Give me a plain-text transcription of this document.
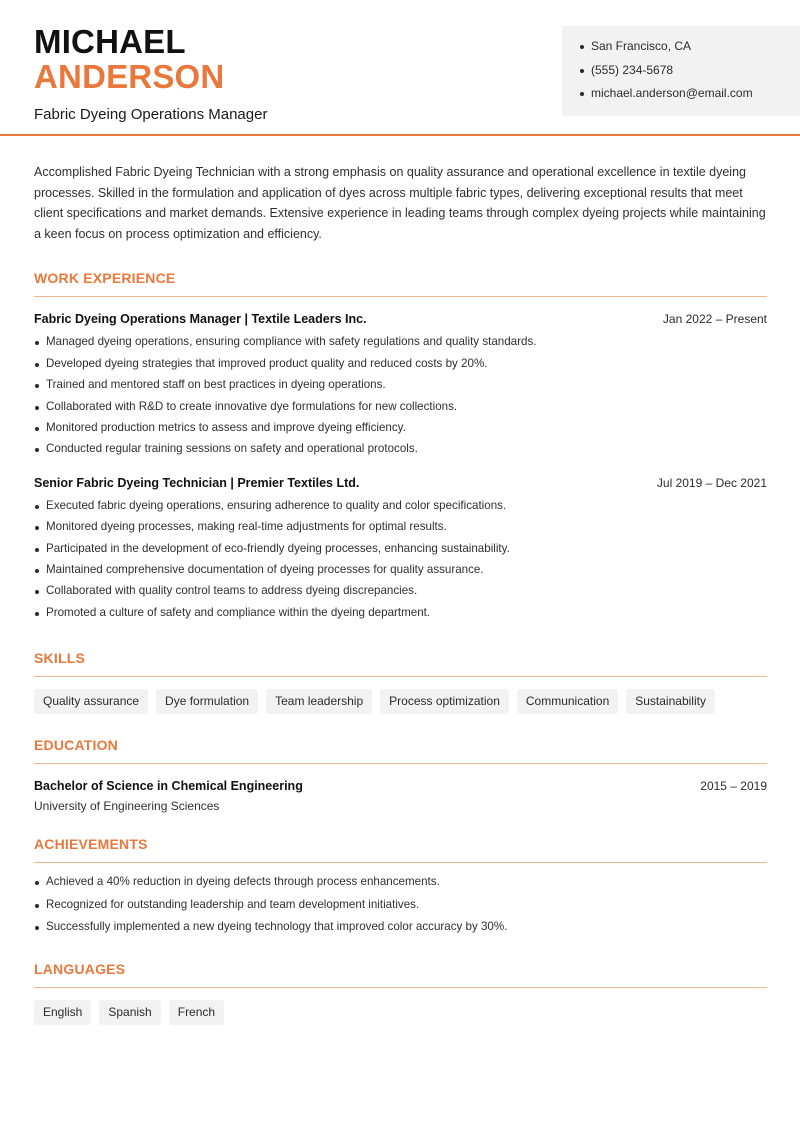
MICHAEL
ANDERSON
Fabric Dyeing Operations Manager
San Francisco, CA
(555) 234-5678
michael.anderson@email.com

Accomplished Fabric Dyeing Technician with a strong emphasis on quality assurance and operational excellence in textile dyeing processes. Skilled in the formulation and application of dyes across multiple fabric types, delivering exceptional results that meet client specifications and market demands. Extensive experience in leading teams through complex dyeing projects while maintaining a keen focus on process optimization and efficiency.

WORK EXPERIENCE
Fabric Dyeing Operations Manager | Textile Leaders Inc.	Jan 2022 – Present
Managed dyeing operations, ensuring compliance with safety regulations and quality standards.
Developed dyeing strategies that improved product quality and reduced costs by 20%.
Trained and mentored staff on best practices in dyeing operations.
Collaborated with R&D to create innovative dye formulations for new collections.
Monitored production metrics to assess and improve dyeing efficiency.
Conducted regular training sessions on safety and operational protocols.
Senior Fabric Dyeing Technician | Premier Textiles Ltd.	Jul 2019 – Dec 2021
Executed fabric dyeing operations, ensuring adherence to quality and color specifications.
Monitored dyeing processes, making real-time adjustments for optimal results.
Participated in the development of eco-friendly dyeing processes, enhancing sustainability.
Maintained comprehensive documentation of dyeing processes for quality assurance.
Collaborated with quality control teams to address dyeing discrepancies.
Promoted a culture of safety and compliance within the dyeing department.
SKILLS
Quality assurance	Dye formulation	Team leadership	Process optimization	Communication	Sustainability
EDUCATION
Bachelor of Science in Chemical Engineering	2015 – 2019
University of Engineering Sciences
ACHIEVEMENTS
Achieved a 40% reduction in dyeing defects through process enhancements.
Recognized for outstanding leadership and team development initiatives.
Successfully implemented a new dyeing technology that improved color accuracy by 30%.
LANGUAGES
English	Spanish	French
